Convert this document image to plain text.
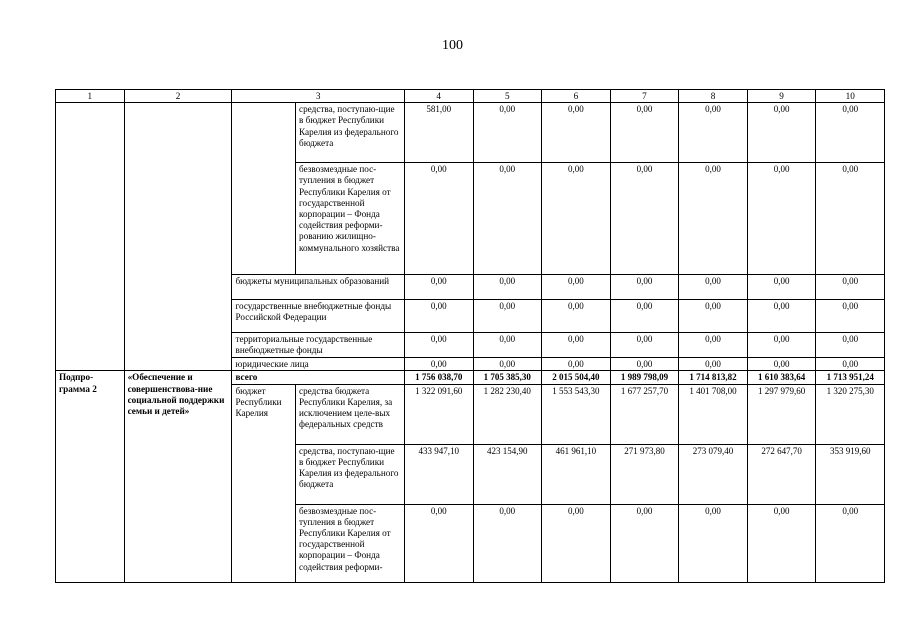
100
1	2	3		4	5	6	7	8	9	10
			средства, поступаю-щие в бюджет Республики Карелия из федерального бюджета	581,00	0,00	0,00	0,00	0,00	0,00	0,00
			безвозмездные пос-тупления в бюджет Республики Карелия от государственной корпорации – Фонда содействия реформи-рованию жилищно-коммунального хозяйства	0,00	0,00	0,00	0,00	0,00	0,00	0,00
		бюджеты муниципальных образований		0,00	0,00	0,00	0,00	0,00	0,00	0,00
		государственные внебюджетные фонды Российской Федерации		0,00	0,00	0,00	0,00	0,00	0,00	0,00
		территориальные государственные внебюджетные фонды		0,00	0,00	0,00	0,00	0,00	0,00	0,00
		юридические лица		0,00	0,00	0,00	0,00	0,00	0,00	0,00
Подпро-грамма 2	«Обеспечение и совершенствова-ние социальной поддержки семьи и детей»	всего		1 756 038,70	1 705 385,30	2 015 504,40	1 989 798,09	1 714 813,82	1 610 383,64	1 713 951,24
		бюджет Республики Карелия	средства бюджета Республики Карелия, за исключением целе-вых федеральных средств	1 322 091,60	1 282 230,40	1 553 543,30	1 677 257,70	1 401 708,00	1 297 979,60	1 320 275,30
			средства, поступаю-щие в бюджет Республики Карелия из федерального бюджета	433 947,10	423 154,90	461 961,10	271 973,80	273 079,40	272 647,70	353 919,60
			безвозмездные пос-тупления в бюджет Республики Карелия от государственной корпорации – Фонда содействия реформи-	0,00	0,00	0,00	0,00	0,00	0,00	0,00
